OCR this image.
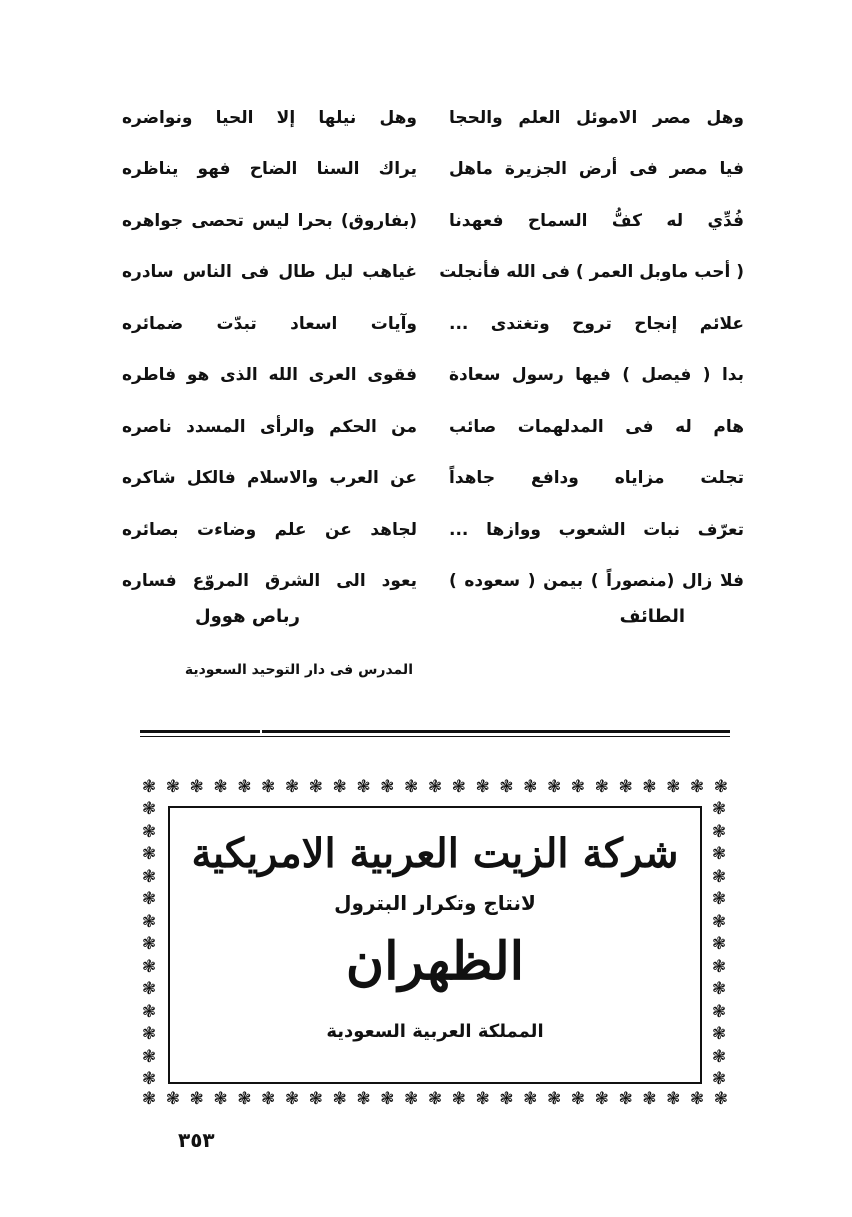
وهل مصر الاموئل العلم والحجا
وهل نيلها إلا الحيا ونواضره
فيا مصر فى أرض الجزيرة ماهل
يراك السنا الضاح فهو يناظره
فُدِّي له كفُّ السماح فعهدنا
(بفاروق) بحرا ليس تحصى جواهره
( أحب ماوبل العمر ) فى الله فأنجلت
غياهب ليل طال فى الناس سادره
علائم إنجاح تروح وتغتدى ...
وآيات اسعاد تبدّت ضمائره
بدا ( فيصل ) فيها رسول سعادة
فقوى العرى الله الذى هو فاطره
هام له فى المدلهمات صائب
من الحكم والرأى المسدد ناصره
تجلت مزاياه ودافع جاهداً
عن العرب والاسلام فالكل شاكره
تعرّف نبات الشعوب ووازها ...
لجاهد عن علم وضاءت بصائره
فلا زال (منصوراً ) بيمن ( سعوده )
يعود الى الشرق المروّع فساره
الطائف
رباص هوول
المدرس فى دار التوحيد السعودية
❃ ❃ ❃ ❃ ❃ ❃ ❃ ❃ ❃ ❃ ❃ ❃ ❃ ❃ ❃ ❃ ❃ ❃ ❃ ❃ ❃ ❃ ❃ ❃ ❃
❃ ❃ ❃ ❃ ❃ ❃ ❃ ❃ ❃ ❃ ❃ ❃ ❃ ❃ ❃ ❃ ❃ ❃ ❃ ❃ ❃ ❃ ❃ ❃ ❃
❃
❃
❃
❃
❃
❃
❃
❃
❃
❃
❃
❃
❃
❃
❃
❃
❃
❃
❃
❃
❃
❃
❃
❃
❃
❃
شركة الزيت العربية الامريكية
لانتاج وتكرار البترول
الظهران
المملكة العربية السعودية
٣٥٣
